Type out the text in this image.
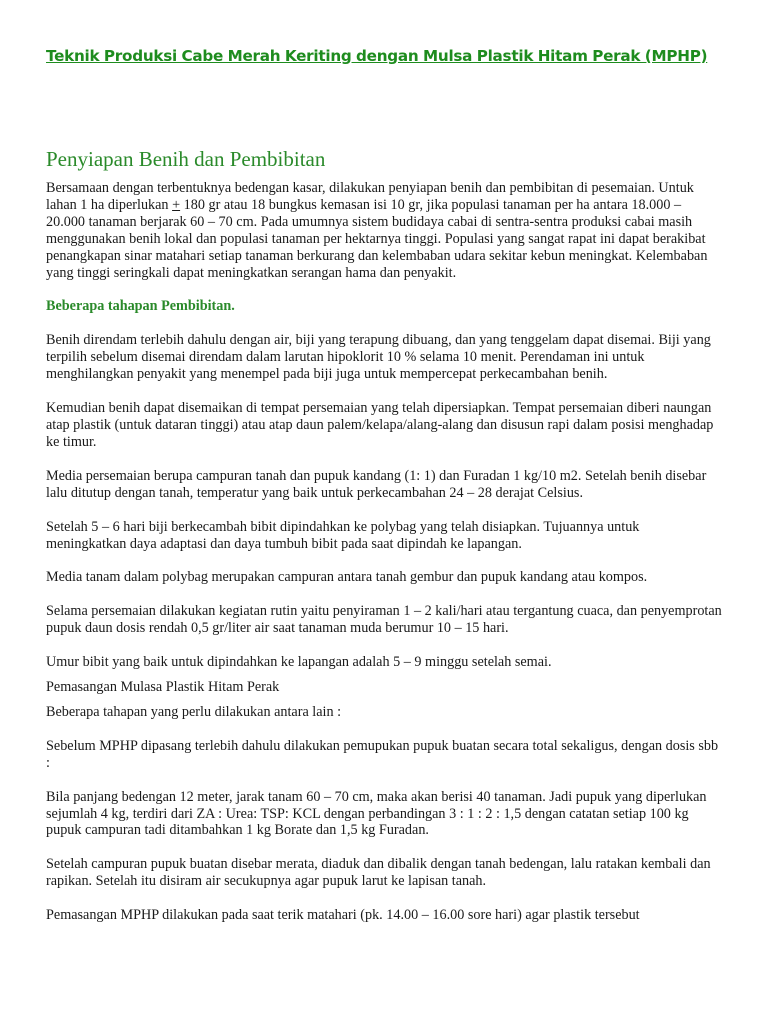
Teknik Produksi Cabe Merah Keriting dengan Mulsa Plastik Hitam Perak (MPHP)
Penyiapan Benih dan Pembibitan

Bersamaan dengan terbentuknya bedengan kasar, dilakukan penyiapan benih dan pembibitan di pesemaian. Untuk lahan 1 ha diperlukan + 180 gr atau 18 bungkus kemasan isi 10 gr, jika populasi tanaman per ha antara 18.000 – 20.000 tanaman berjarak 60 – 70 cm. Pada umumnya sistem budidaya cabai di sentra-sentra produksi cabai masih menggunakan benih lokal dan populasi tanaman per hektarnya tinggi. Populasi yang sangat rapat ini dapat berakibat penangkapan sinar matahari setiap tanaman berkurang dan kelembaban udara sekitar kebun meningkat. Kelembaban yang tinggi seringkali dapat meningkatkan serangan hama dan penyakit.

Beberapa tahapan Pembibitan.

Benih direndam terlebih dahulu dengan air, biji yang terapung dibuang, dan yang tenggelam dapat disemai. Biji yang terpilih sebelum disemai direndam dalam larutan hipoklorit 10 % selama 10 menit. Perendaman ini untuk menghilangkan penyakit yang menempel pada biji juga untuk mempercepat perkecambahan benih.

Kemudian benih dapat disemaikan di tempat persemaian yang telah dipersiapkan. Tempat persemaian diberi naungan atap plastik (untuk dataran tinggi) atau atap daun palem/kelapa/alang-alang dan disusun rapi dalam posisi menghadap ke timur.

Media persemaian berupa campuran tanah dan pupuk kandang (1: 1) dan Furadan 1 kg/10 m2. Setelah benih disebar lalu ditutup dengan tanah, temperatur yang baik untuk perkecambahan 24 – 28 derajat Celsius.

Setelah 5 – 6 hari biji berkecambah bibit dipindahkan ke polybag yang telah disiapkan. Tujuannya untuk meningkatkan daya adaptasi dan daya tumbuh bibit pada saat dipindah ke lapangan.

Media tanam dalam polybag merupakan campuran antara tanah gembur dan pupuk kandang atau kompos.

Selama persemaian dilakukan kegiatan rutin yaitu penyiraman 1 – 2 kali/hari atau tergantung cuaca, dan penyemprotan pupuk daun dosis rendah 0,5 gr/liter air saat tanaman muda berumur 10 – 15 hari.

Umur bibit yang baik untuk dipindahkan ke lapangan adalah 5 – 9 minggu setelah semai.

Pemasangan Mulasa Plastik Hitam Perak

Beberapa tahapan yang perlu dilakukan antara lain :

Sebelum MPHP dipasang terlebih dahulu dilakukan pemupukan pupuk buatan secara total sekaligus, dengan dosis sbb :

Bila panjang bedengan 12 meter, jarak tanam 60 – 70 cm, maka akan berisi 40 tanaman. Jadi pupuk yang diperlukan sejumlah 4 kg, terdiri dari ZA : Urea: TSP: KCL dengan perbandingan 3 : 1 : 2 : 1,5 dengan catatan setiap 100 kg pupuk campuran tadi ditambahkan 1 kg Borate dan 1,5 kg Furadan.

Setelah campuran pupuk buatan disebar merata, diaduk dan dibalik dengan tanah bedengan, lalu ratakan kembali dan rapikan. Setelah itu disiram air secukupnya agar pupuk larut ke lapisan tanah.

Pemasangan MPHP dilakukan pada saat terik matahari (pk. 14.00 – 16.00 sore hari) agar plastik tersebut
